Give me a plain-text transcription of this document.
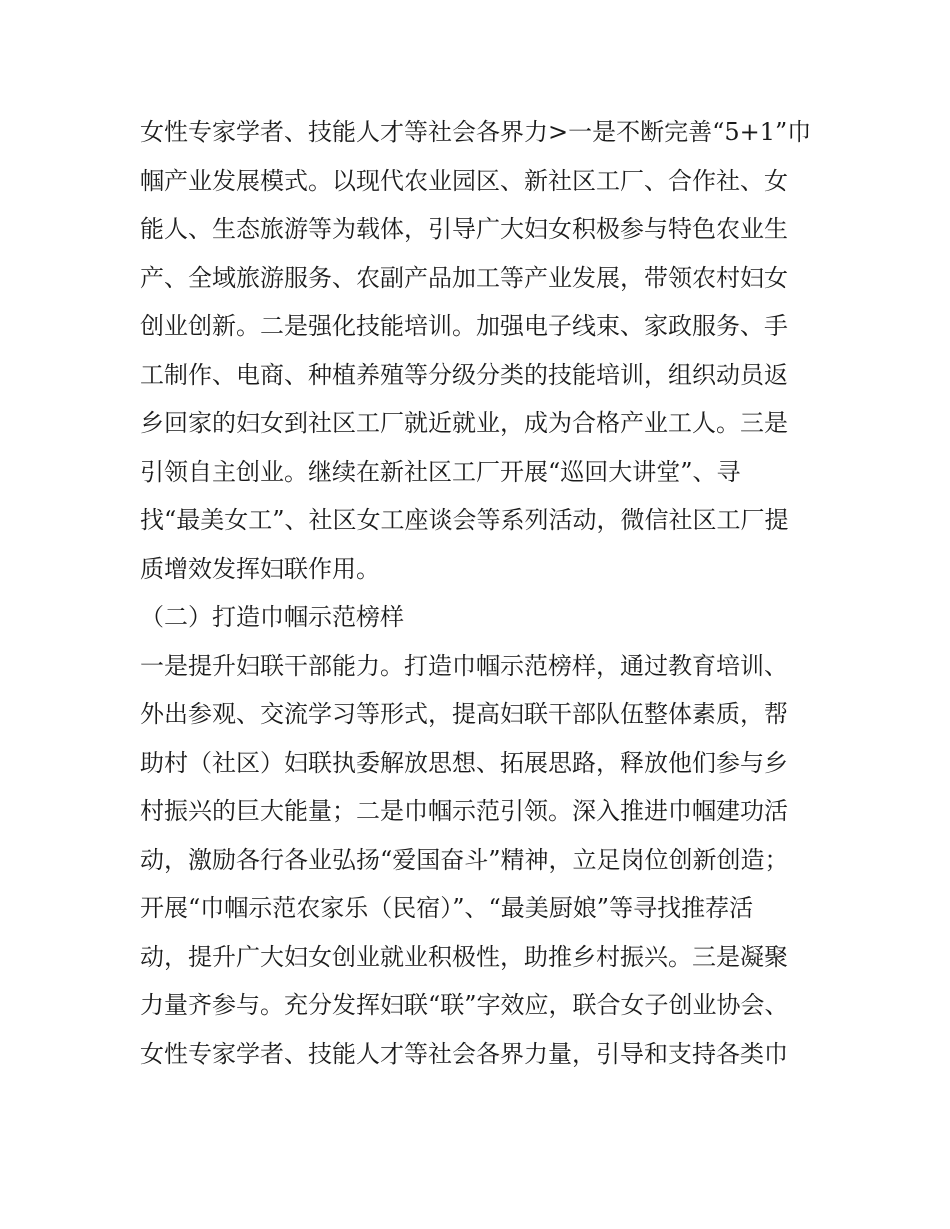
女性专家学者、技能人才等社会各界力>一是不断完善“5+1”巾
帼产业发展模式。以现代农业园区、新社区工厂、合作社、女
能人、生态旅游等为载体，引导广大妇女积极参与特色农业生
产、全域旅游服务、农副产品加工等产业发展，带领农村妇女
创业创新。二是强化技能培训。加强电子线束、家政服务、手
工制作、电商、种植养殖等分级分类的技能培训，组织动员返
乡回家的妇女到社区工厂就近就业，成为合格产业工人。三是
引领自主创业。继续在新社区工厂开展“巡回大讲堂”、寻
找“最美女工”、社区女工座谈会等系列活动，微信社区工厂提
质增效发挥妇联作用。
（二）打造巾帼示范榜样
一是提升妇联干部能力。打造巾帼示范榜样，通过教育培训、
外出参观、交流学习等形式，提高妇联干部队伍整体素质，帮
助村（社区）妇联执委解放思想、拓展思路，释放他们参与乡
村振兴的巨大能量；二是巾帼示范引领。深入推进巾帼建功活
动，激励各行各业弘扬“爱国奋斗”精神，立足岗位创新创造；
开展“巾帼示范农家乐（民宿）”、“最美厨娘”等寻找推荐活
动，提升广大妇女创业就业积极性，助推乡村振兴。三是凝聚
力量齐参与。充分发挥妇联“联”字效应，联合女子创业协会、
女性专家学者、技能人才等社会各界力量，引导和支持各类巾
